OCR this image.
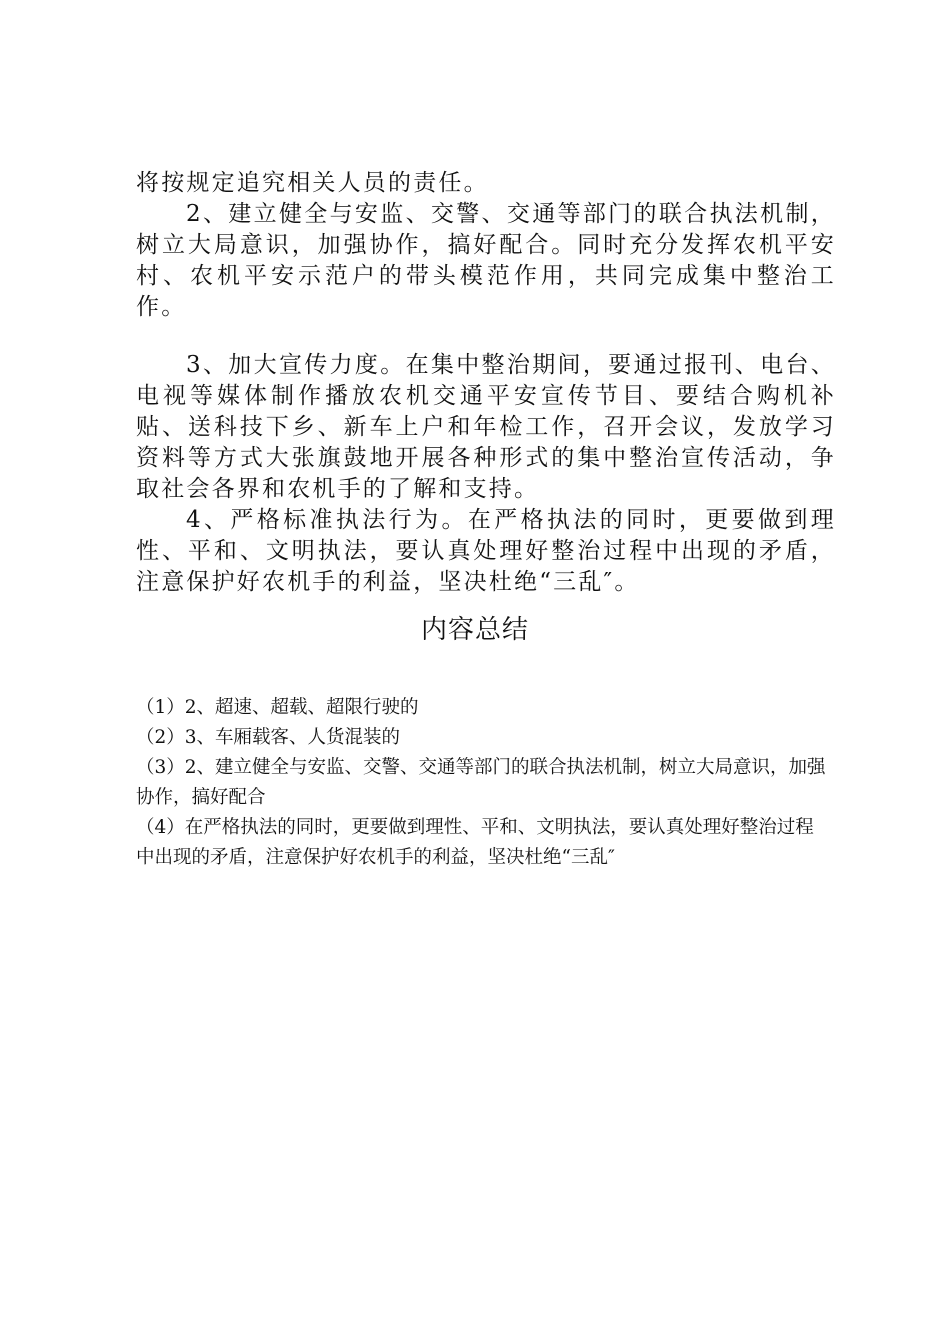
将按规定追究相关人员的责任。

2、建立健全与安监、交警、交通等部门的联合执法机制，树立大局意识，加强协作，搞好配合。同时充分发挥农机平安村、农机平安示范户的带头模范作用，共同完成集中整治工作。

3、加大宣传力度。在集中整治期间，要通过报刊、电台、电视等媒体制作播放农机交通平安宣传节目、要结合购机补贴、送科技下乡、新车上户和年检工作，召开会议，发放学习资料等方式大张旗鼓地开展各种形式的集中整治宣传活动，争取社会各界和农机手的了解和支持。

4、严格标准执法行为。在严格执法的同时，更要做到理性、平和、文明执法，要认真处理好整治过程中出现的矛盾，注意保护好农机手的利益，坚决杜绝“三乱″。

内容总结

（1）2、超速、超载、超限行驶的

（2）3、车厢载客、人货混装的

（3）2、建立健全与安监、交警、交通等部门的联合执法机制，树立大局意识，加强协作，搞好配合

（4）在严格执法的同时，更要做到理性、平和、文明执法，要认真处理好整治过程中出现的矛盾，注意保护好农机手的利益，坚决杜绝“三乱″
